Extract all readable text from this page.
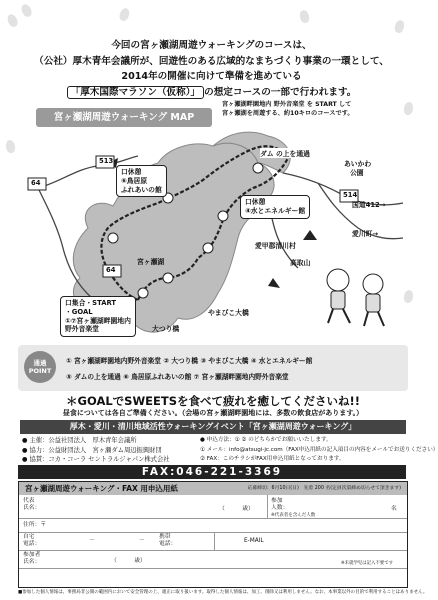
今回の宮ヶ瀬湖周遊ウォーキングのコースは、
（公社）厚木青年会議所が、回遊性のある広域的なまちづくり事業の一環として、
2014年の開催に向けて準備を進めている
「厚木国際マラソン（仮称）」 の想定コースの一部で行われます。
宮ヶ瀬湖周遊ウォーキング MAP
宮ヶ瀬湖畔園地内 野外音楽堂 を START して
宮ヶ瀬湖を周遊する、約10キロのコースです。
513
64
514
64
ダム の上を通過
あいかわ
公園
国道412→
愛川町→
宮ヶ瀬湖
大つり橋
やまびこ大橋
愛甲郡清川村
高取山
口休憩
⑥鳥居原
ふれあいの館
口休憩
④水とエネルギー館
口集合・START
・GOAL
①⑦宮ヶ瀬湖畔園地内
野外音楽堂
通過
POINT
① 宮ヶ瀬湖畔園地内野外音楽堂 ② 大つり橋 ③ やまびこ大橋 ④ 水とエネルギー館
⑤ ダムの上を通過 ⑥ 鳥居原ふれあいの館 ⑦ 宮ヶ瀬湖畔園地内野外音楽堂
＊GOALでSWEETSを食べて疲れを癒してくださいね!!
昼食については各自ご準備ください。（会場の宮ヶ瀬湖畔園地には、多数の飲食店があります。）
厚木・愛川・清川地域活性ウォーキングイベント「宮ヶ瀬湖周遊ウォーキング」
● 主催：公益社団法人　厚木青年会議所
● 協力：公益財団法人　宮ヶ瀬ダム周辺振興財団
● 協賛：コカ・コーラ セントラルジャパン株式会社
● 申込方法：① ② のどちらかでお願いいたします。
① メール：info@atsugi-jc.com（FAX申込用紙の記入項目の内容をメールでお送りください）
② FAX：このチラシがFAX用申込用紙となっております。
FAX:046-221-3369
宮ヶ瀬湖周遊ウォーキング・FAX 用申込用紙	応募締切：6月10日(日)　先着 200 名(定員次第締め切らせて頂きます)
代表
氏名：	（　　　歳）
参加
人数：
※代表者を含んだ人数
名
住所：〒
自宅
電話：	－	－
携帯
電話：	E-MAIL
参加者
氏名：	（　　　歳）	※未就学児は記入不要です
■参加した個人情報は、事務局非公開の範囲内において安全管理の上、適正に取り扱います。取得した個人情報は、加工、削除又は利用しません。なお、本事業以外の目的で利用することはありません。
